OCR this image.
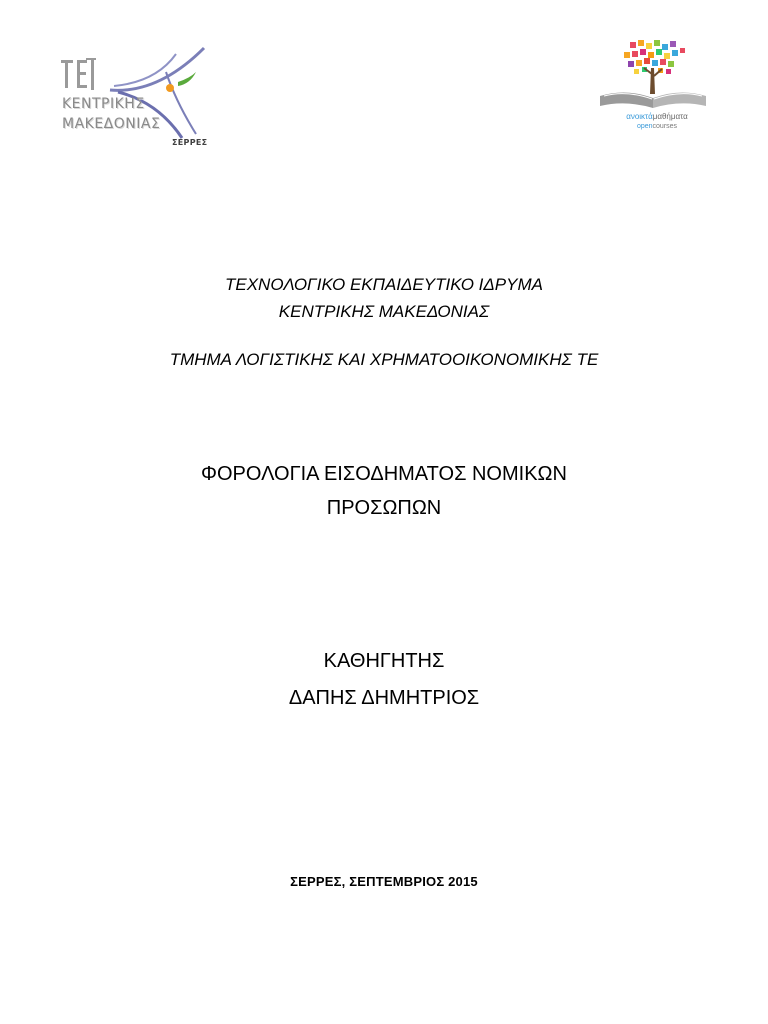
ΚΕΝΤΡΙΚΗΣ
ΜΑΚΕΔΟΝΙΑΣ
ΣΕΡΡΕΣ
ανοικτάμαθήματα
opencourses
ΤΕΧΝΟΛΟΓΙΚΟ ΕΚΠΑΙΔΕΥΤΙΚΟ ΙΔΡΥΜΑ
ΚΕΝΤΡΙΚΗΣ ΜΑΚΕΔΟΝΙΑΣ
ΤΜΗΜΑ ΛΟΓΙΣΤΙΚΗΣ ΚΑΙ ΧΡΗΜΑΤΟΟΙΚΟΝΟΜΙΚΗΣ ΤΕ
ΦΟΡΟΛΟΓΙΑ ΕΙΣΟΔΗΜΑΤΟΣ ΝΟΜΙΚΩΝ
ΠΡΟΣΩΠΩΝ
ΚΑΘΗΓΗΤΗΣ
ΔΑΠΗΣ ΔΗΜΗΤΡΙΟΣ
ΣΕΡΡΕΣ, ΣΕΠΤΕΜΒΡΙΟΣ 2015
